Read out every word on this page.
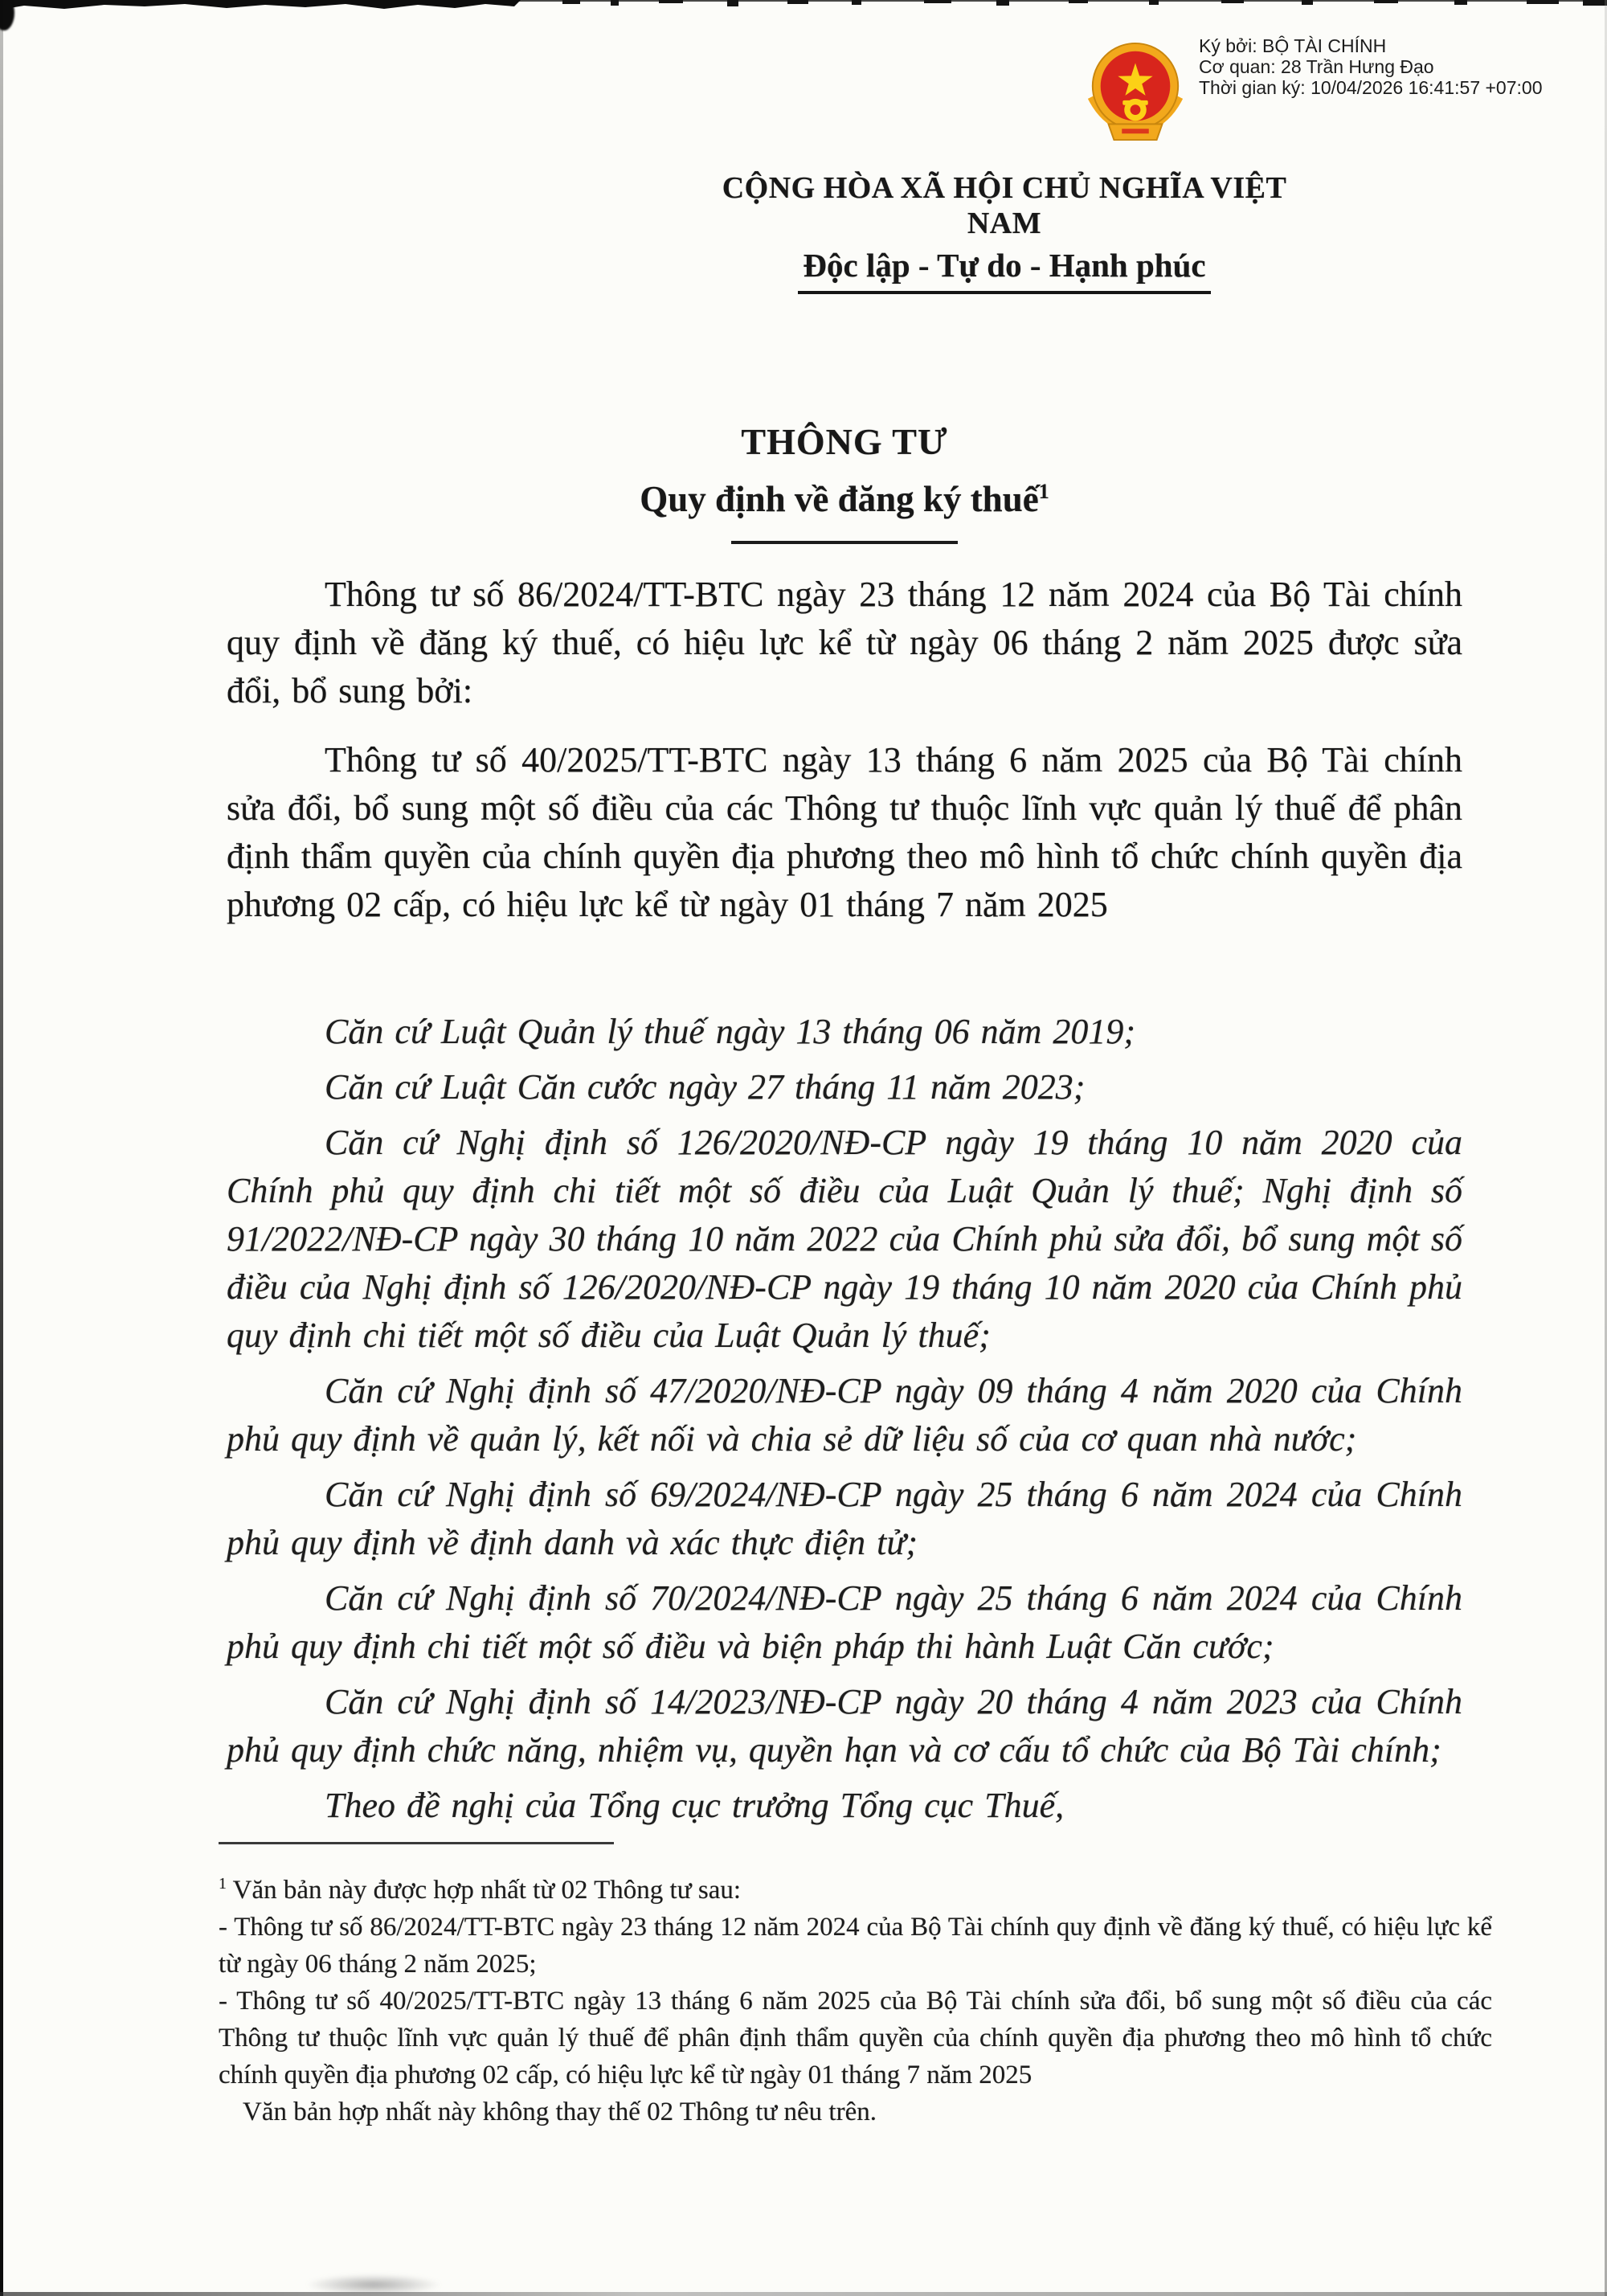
Ký bởi: BỘ TÀI CHÍNH
Cơ quan: 28 Trần Hưng Đạo
Thời gian ký: 10/04/2026 16:41:57 +07:00
CỘNG HÒA XÃ HỘI CHỦ NGHĨA VIỆT NAM
Độc lập - Tự do - Hạnh phúc
THÔNG TƯ
Quy định về đăng ký thuế$^1$

Thông tư số 86/2024/TT-BTC ngày 23 tháng 12 năm 2024 của Bộ Tài chính quy định về đăng ký thuế, có hiệu lực kể từ ngày 06 tháng 2 năm 2025 được sửa đổi, bổ sung bởi:

Thông tư số 40/2025/TT-BTC ngày 13 tháng 6 năm 2025 của Bộ Tài chính sửa đổi, bổ sung một số điều của các Thông tư thuộc lĩnh vực quản lý thuế để phân định thẩm quyền của chính quyền địa phương theo mô hình tổ chức chính quyền địa phương 02 cấp, có hiệu lực kể từ ngày 01 tháng 7 năm 2025

Căn cứ Luật Quản lý thuế ngày 13 tháng 06 năm 2019;

Căn cứ Luật Căn cước ngày 27 tháng 11 năm 2023;

Căn cứ Nghị định số 126/2020/NĐ-CP ngày 19 tháng 10 năm 2020 của Chính phủ quy định chi tiết một số điều của Luật Quản lý thuế; Nghị định số 91/2022/NĐ-CP ngày 30 tháng 10 năm 2022 của Chính phủ sửa đổi, bổ sung một số điều của Nghị định số 126/2020/NĐ-CP ngày 19 tháng 10 năm 2020 của Chính phủ quy định chi tiết một số điều của Luật Quản lý thuế;

Căn cứ Nghị định số 47/2020/NĐ-CP ngày 09 tháng 4 năm 2020 của Chính phủ quy định về quản lý, kết nối và chia sẻ dữ liệu số của cơ quan nhà nước;

Căn cứ Nghị định số 69/2024/NĐ-CP ngày 25 tháng 6 năm 2024 của Chính phủ quy định về định danh và xác thực điện tử;

Căn cứ Nghị định số 70/2024/NĐ-CP ngày 25 tháng 6 năm 2024 của Chính phủ quy định chi tiết một số điều và biện pháp thi hành Luật Căn cước;

Căn cứ Nghị định số 14/2023/NĐ-CP ngày 20 tháng 4 năm 2023 của Chính phủ quy định chức năng, nhiệm vụ, quyền hạn và cơ cấu tổ chức của Bộ Tài chính;

Theo đề nghị của Tổng cục trưởng Tổng cục Thuế,

$^1$ Văn bản này được hợp nhất từ 02 Thông tư sau:

- Thông tư số 86/2024/TT-BTC ngày 23 tháng 12 năm 2024 của Bộ Tài chính quy định về đăng ký thuế, có hiệu lực kể từ ngày 06 tháng 2 năm 2025;

- Thông tư số 40/2025/TT-BTC ngày 13 tháng 6 năm 2025 của Bộ Tài chính sửa đổi, bổ sung một số điều của các Thông tư thuộc lĩnh vực quản lý thuế để phân định thẩm quyền của chính quyền địa phương theo mô hình tổ chức chính quyền địa phương 02 cấp, có hiệu lực kể từ ngày 01 tháng 7 năm 2025

Văn bản hợp nhất này không thay thế 02 Thông tư nêu trên.
